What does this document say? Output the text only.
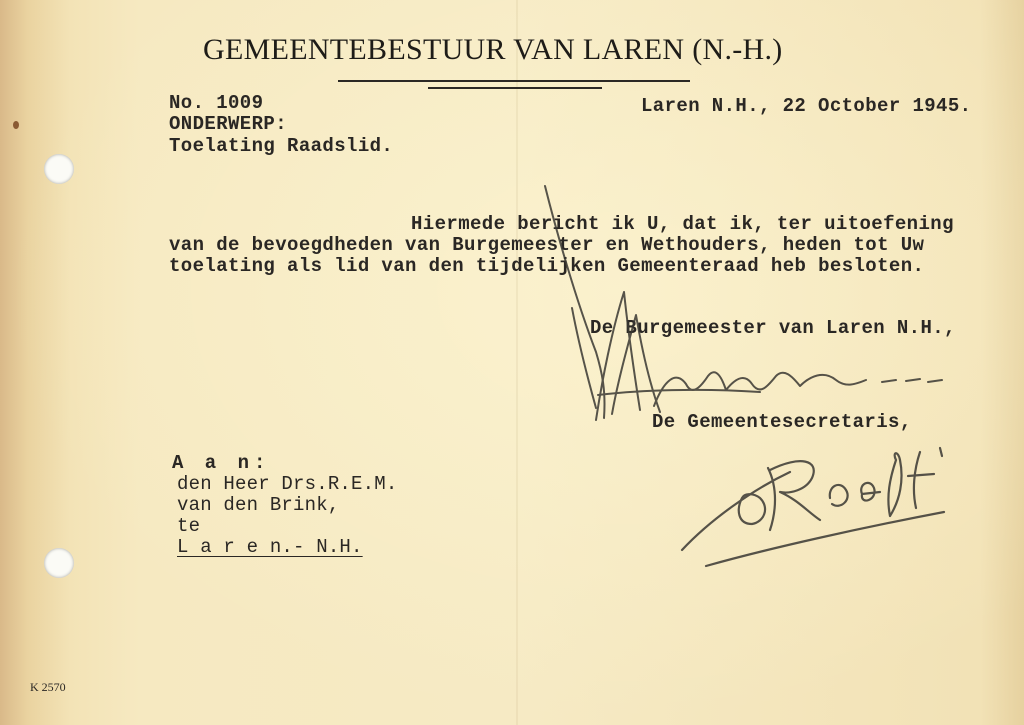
GEMEENTEBESTUUR VAN LAREN (N.-H.)
No. 1009
ONDERWERP:
Toelating Raadslid.
Laren N.H., 22 October 1945.
Hiermede bericht ik U, dat ik, ter uitoefening
van de bevoegdheden van Burgemeester en Wethouders, heden tot Uw
toelating als lid van den tijdelijken Gemeenteraad heb besloten.
De Burgemeester van Laren N.H.,
De Gemeentesecretaris,
A a n:
den Heer Drs.R.E.M.
van den Brink,
te
L a r e n.- N.H.
K 2570
